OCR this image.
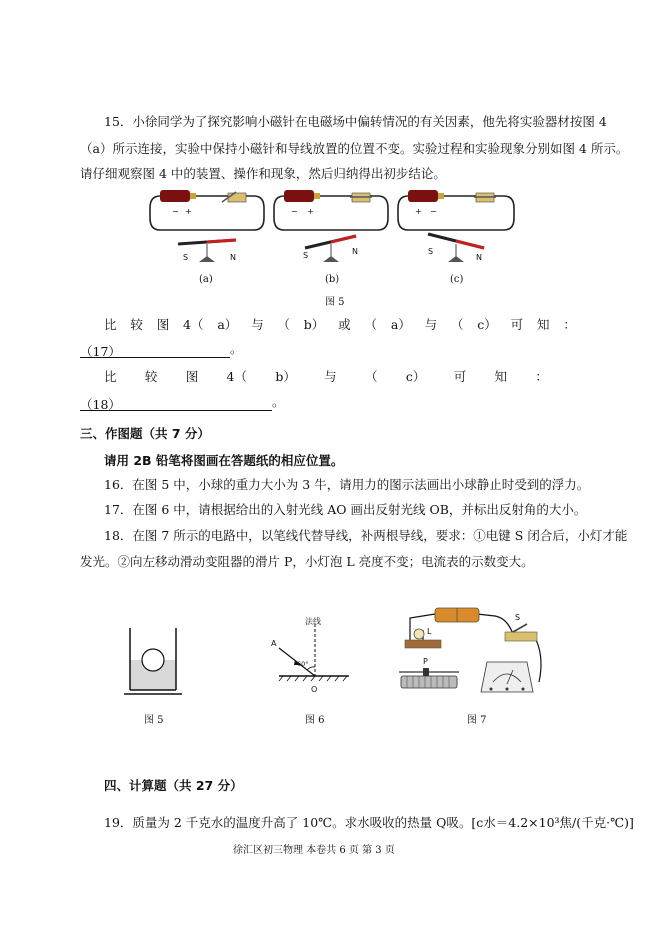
15．小徐同学为了探究影响小磁针在电磁场中偏转情况的有关因素，他先将实验器材按图 4
（a）所示连接，实验中保持小磁针和导线放置的位置不变。实验过程和实验现象分别如图 4 所示。
请仔细观察图 4 中的装置、操作和现象，然后归纳得出初步结论。
− +
S	N
− +
S	N
+ −
S
N
(a)	(b)	(c)
图 5
比 较 图 4（ a） 与 （ b） 或 （ a） 与 （ c） 可 知 ：
（17）	。
比 较 图 4（ b） 与 （ c） 可 知 ：
（18）	。
三、作图题（共 7 分）
请用 2B 铅笔将图画在答题纸的相应位置。
16．在图 5 中，小球的重力大小为 3 牛，请用力的图示法画出小球静止时受到的浮力。
17．在图 6 中，请根据给出的入射光线 AO 画出反射光线 OB，并标出反射角的大小。
18．在图 7 所示的电路中，以笔线代替导线，补两根导线，要求：①电键 S 闭合后，小灯才能
发光。②向左移动滑动变阻器的滑片 P，小灯泡 L 亮度不变；电流表的示数变大。
图 5
法线
A
60°
O
图 6
L
S
P
图 7
四、计算题（共 27 分）
19．质量为 2 千克水的温度升高了 10℃。求水吸收的热量 Q吸。[c水＝4.2×10³焦/(千克·℃)]
徐汇区初三物理 本卷共 6 页 第 3 页
